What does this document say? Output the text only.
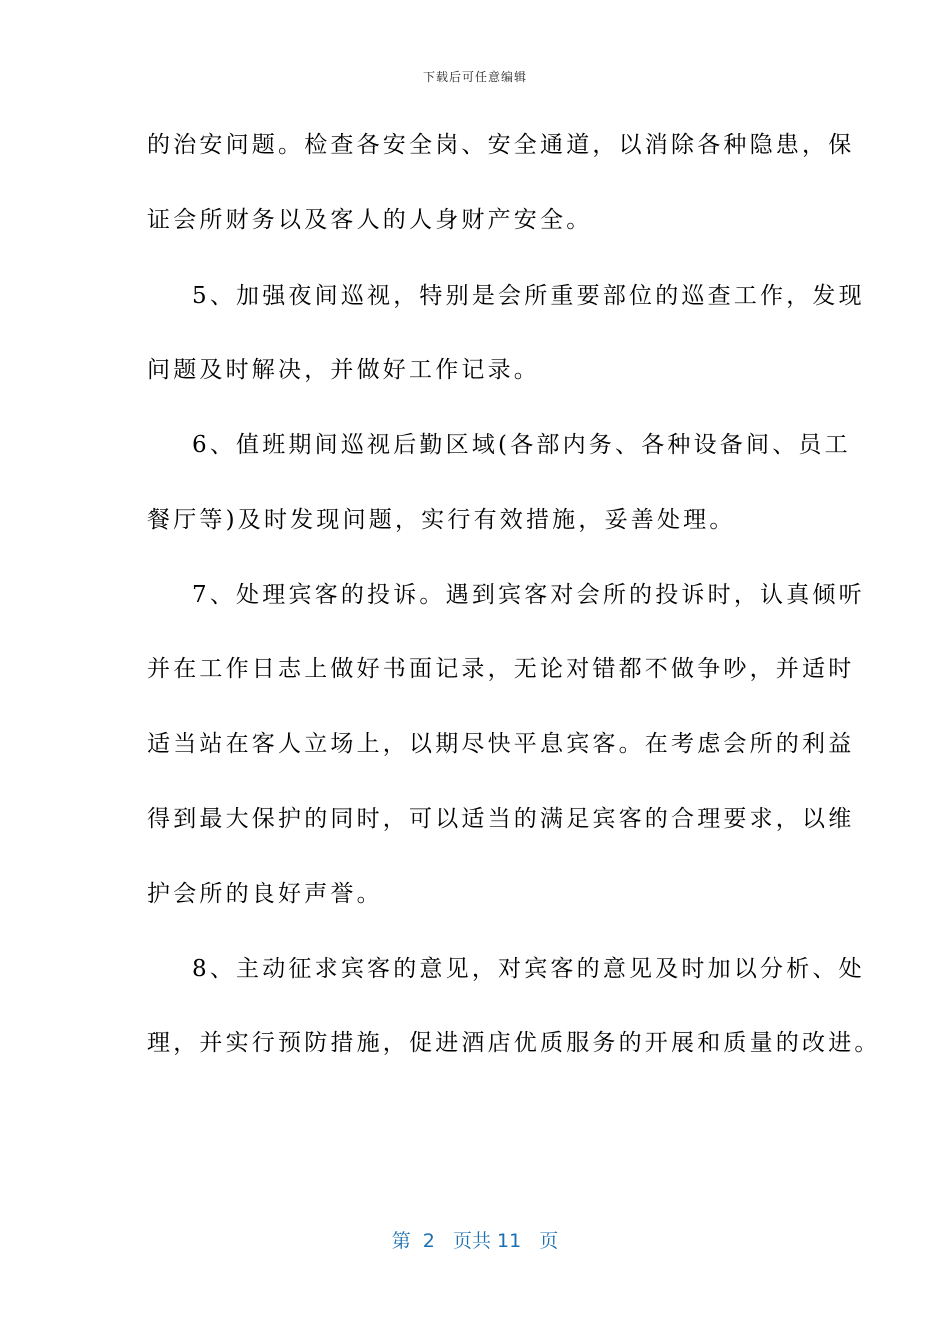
下载后可任意编辑
的治安问题。检查各安全岗、安全通道，以消除各种隐患，保
证会所财务以及客人的人身财产安全。
5、加强夜间巡视，特别是会所重要部位的巡查工作，发现
问题及时解决，并做好工作记录。
6、值班期间巡视后勤区域(各部内务、各种设备间、员工
餐厅等)及时发现问题，实行有效措施，妥善处理。
7、处理宾客的投诉。遇到宾客对会所的投诉时，认真倾听
并在工作日志上做好书面记录，无论对错都不做争吵，并适时
适当站在客人立场上，以期尽快平息宾客。在考虑会所的利益
得到最大保护的同时，可以适当的满足宾客的合理要求，以维
护会所的良好声誉。
8、主动征求宾客的意见，对宾客的意见及时加以分析、处
理，并实行预防措施，促进酒店优质服务的开展和质量的改进。
第  2   页共 11   页
